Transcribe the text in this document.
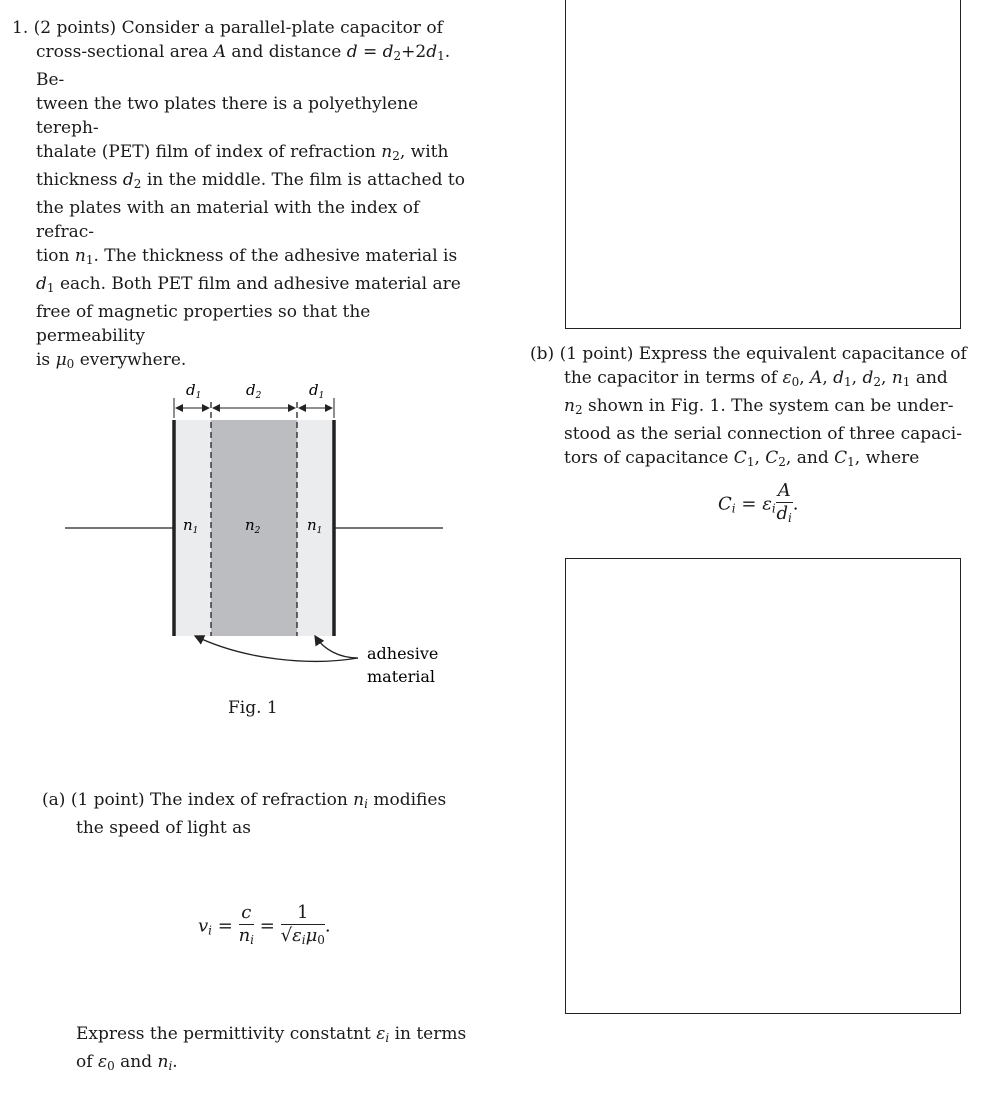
1. (2 points) Consider a parallel-plate capacitor of

cross-sectional area A and distance $d = d_2+2d_1$. Be-

tween the two plates there is a polyethylene tereph-

thalate (PET) film of index of refraction $n_2$, with

thickness $d_2$ in the middle. The film is attached to

the plates with an material with the index of refrac-

tion $n_1$. The thickness of the adhesive material is

$d_1$ each. Both PET film and adhesive material are

free of magnetic properties so that the permeability

is $\mu_0$ everywhere.

$d_1$	$d_2$	$d_1$
$n_1$	$n_2$	$n_1$
adhesive
material
Fig. 1

(a) (1 point) The index of refraction ni modifies

the speed of light as

vi = $\frac{c}{ni} = \frac{1}{√\varepsilon i\mu_0}$ .

Express the permittivity constatnt εi in terms

of $\varepsilon_0$ and ni.

(b) (1 point) Express the equivalent capacitance of

the capacitor in terms of $\varepsilon_0$, A, $d_1$, $d_2$, $n_1$ and

$n_2$ shown in Fig. 1. The system can be under-

stood as the serial connection of three capaci-

tors of capacitance $C_1$, $C_2$, and $C_1$, where

Ci = εi $\frac{A}{di}$ .
